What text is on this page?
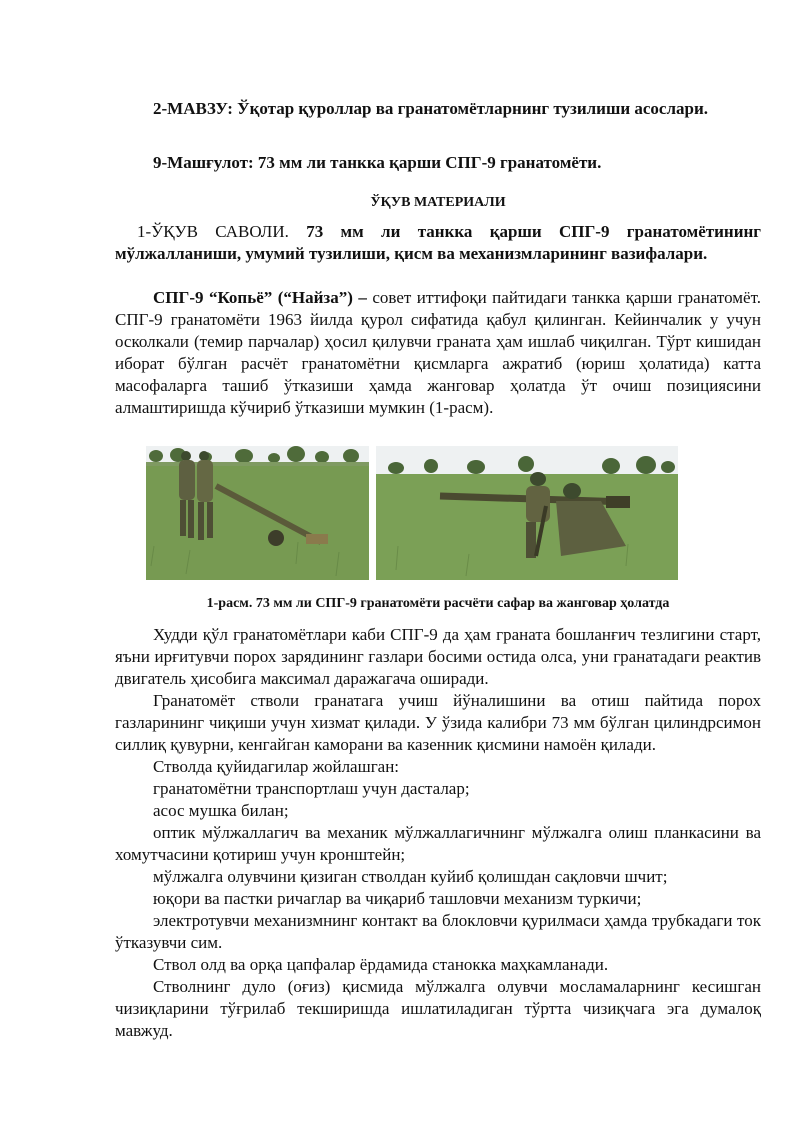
2-МАВЗУ: Ўқотар қуроллар ва гранатомётларнинг тузилиши асослари.
9-Машғулот: 73 мм ли танкка қарши СПГ-9 гранатомёти.
ЎҚУВ МАТЕРИАЛИ

1-ЎҚУВ САВОЛИ. 73 мм ли танкка қарши СПГ-9 гранатомётининг мўлжалланиши, умумий тузилиши, қисм ва механизмларининг вазифалари.

СПГ-9 “Копьё” (“Найза”) – совет иттифоқи пайтидаги танкка қарши гранатомёт. СПГ-9 гранатомёти 1963 йилда қурол сифатида қабул қилинган. Кейинчалик у учун осколкали (темир парчалар) ҳосил қилувчи граната ҳам ишлаб чиқилган. Тўрт кишидан иборат бўлган расчёт гранатомётни қисмларга ажратиб (юриш ҳолатида) катта масофаларга ташиб ўтказиши ҳамда жанговар ҳолатда ўт очиш позициясини алмаштиришда кўчириб ўтказиши мумкин (1-расм).

1-расм. 73 мм ли СПГ-9 гранатомёти расчёти сафар ва жанговар ҳолатда

Худди қўл гранатомётлари каби СПГ-9 да ҳам граната бошланғич тезлигини старт, яъни ирғитувчи порох зарядининг газлари босими остида олса, уни гранатадаги реактив двигатель ҳисобига максимал даражагача оширади.

Гранатомёт стволи гранатага учиш йўналишини ва отиш пайтида порох газларининг чиқиши учун хизмат қилади. У ўзида калибри 73 мм бўлган цилиндрсимон силлиқ қувурни, кенгайган каморани ва казенник қисмини намоён қилади.

Стволда қуйидагилар жойлашган:

гранатомётни транспортлаш учун дасталар;

асос мушка билан;

оптик мўлжаллагич ва механик мўлжаллагичнинг мўлжалга олиш планкасини ва хомутчасини қотириш учун кронштейн;

мўлжалга олувчини қизиган стволдан куйиб қолишдан сақловчи шчит;

юқори ва пастки ричаглар ва чиқариб ташловчи механизм туркичи;

электротувчи механизмнинг контакт ва блокловчи қурилмаси ҳамда трубкадаги ток ўтказувчи сим.

Ствол олд ва орқа цапфалар ёрдамида станокка маҳкамланади.

Стволнинг дуло (оғиз) қисмида мўлжалга олувчи мосламаларнинг кесишган чизиқларини тўғрилаб текширишда ишлатиладиган тўртта чизиқчага эга думалоқ мавжуд.
